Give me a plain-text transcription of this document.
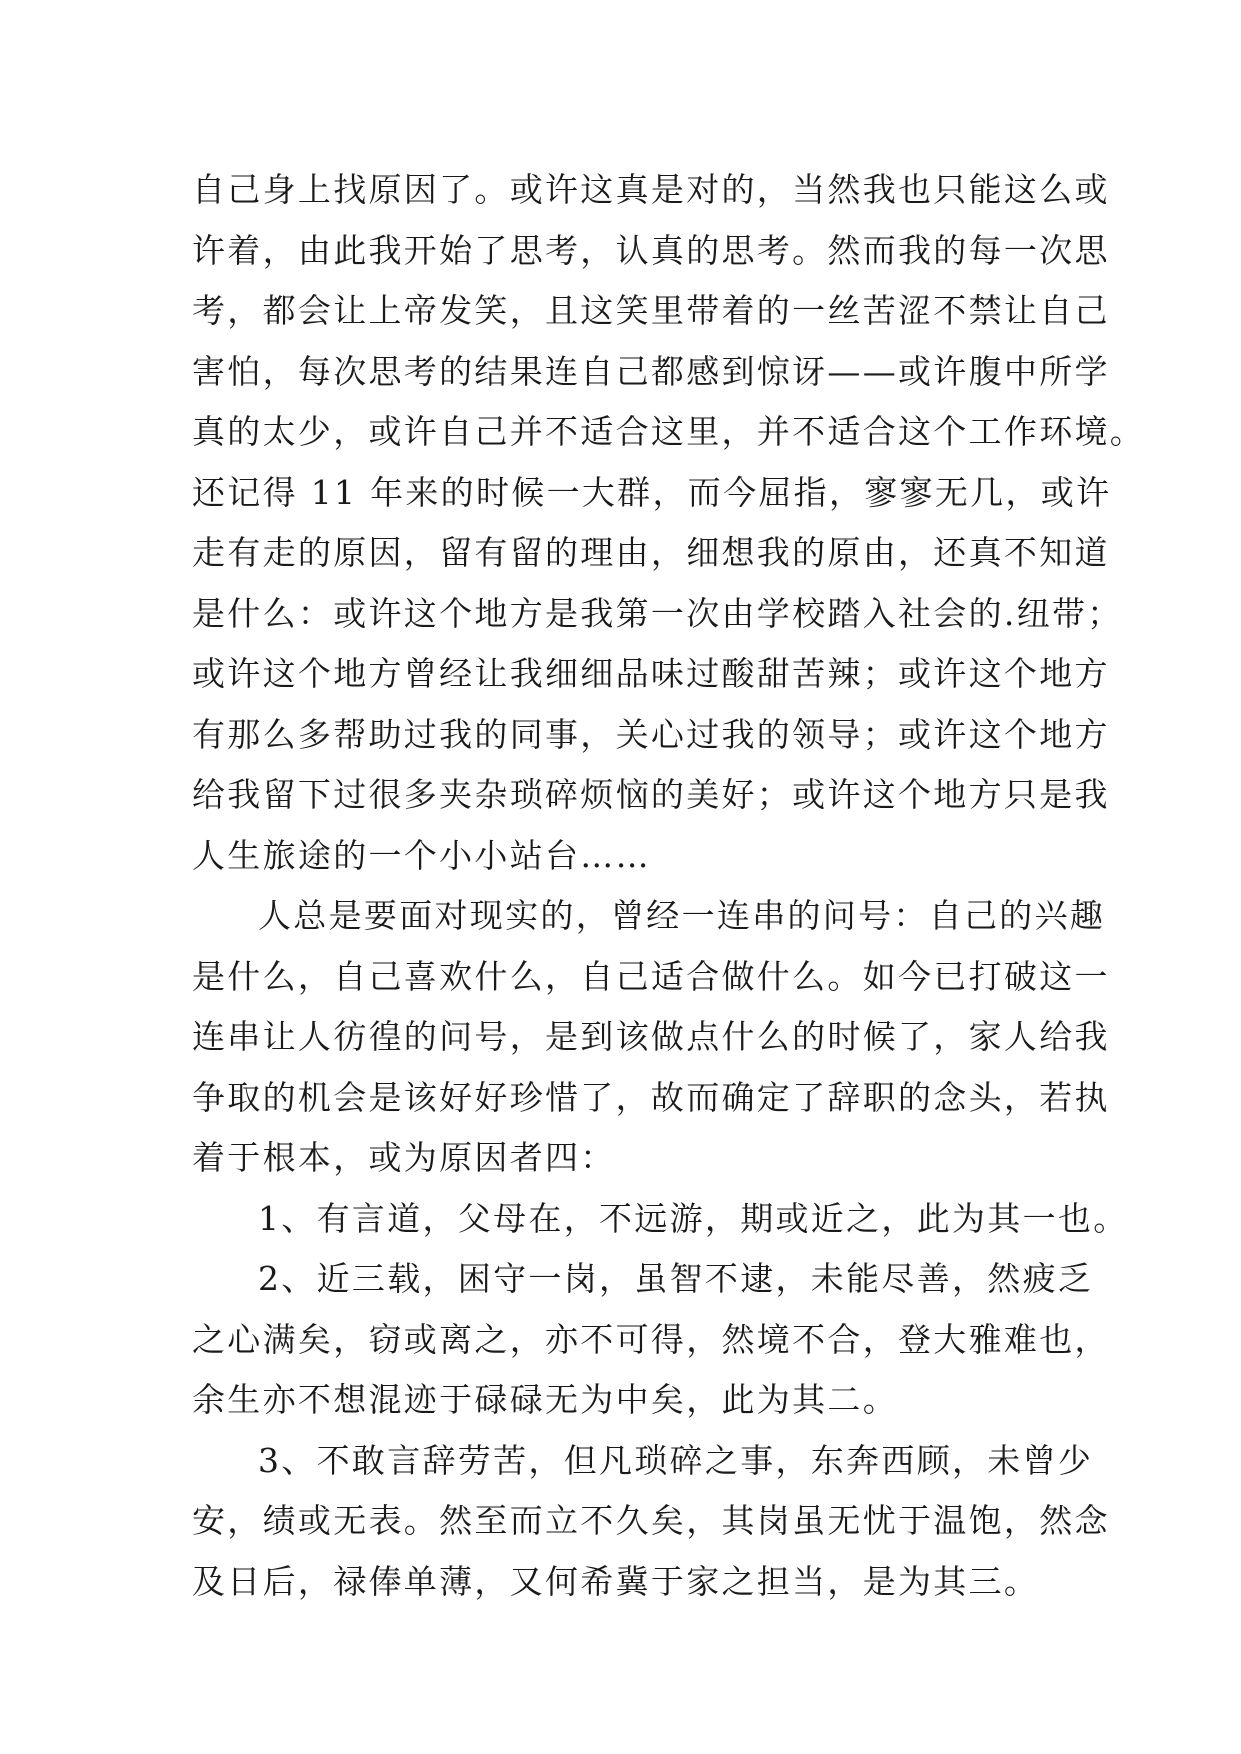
自己身上找原因了。或许这真是对的，当然我也只能这么或
许着，由此我开始了思考，认真的思考。然而我的每一次思
考，都会让上帝发笑，且这笑里带着的一丝苦涩不禁让自己
害怕，每次思考的结果连自己都感到惊讶——或许腹中所学
真的太少，或许自己并不适合这里，并不适合这个工作环境。
还记得 11 年来的时候一大群，而今屈指，寥寥无几，或许
走有走的原因，留有留的理由，细想我的原由，还真不知道
是什么：或许这个地方是我第一次由学校踏入社会的.纽带；
或许这个地方曾经让我细细品味过酸甜苦辣；或许这个地方
有那么多帮助过我的同事，关心过我的领导；或许这个地方
给我留下过很多夹杂琐碎烦恼的美好；或许这个地方只是我
人生旅途的一个小小站台……
人总是要面对现实的，曾经一连串的问号：自己的兴趣
是什么，自己喜欢什么，自己适合做什么。如今已打破这一
连串让人彷徨的问号，是到该做点什么的时候了，家人给我
争取的机会是该好好珍惜了，故而确定了辞职的念头，若执
着于根本，或为原因者四：
1、有言道，父母在，不远游，期或近之，此为其一也。
2、近三载，困守一岗，虽智不逮，未能尽善，然疲乏
之心满矣，窃或离之，亦不可得，然境不合，登大雅难也，
余生亦不想混迹于碌碌无为中矣，此为其二。
3、不敢言辞劳苦，但凡琐碎之事，东奔西顾，未曾少
安，绩或无表。然至而立不久矣，其岗虽无忧于温饱，然念
及日后，禄俸单薄，又何希冀于家之担当，是为其三。
